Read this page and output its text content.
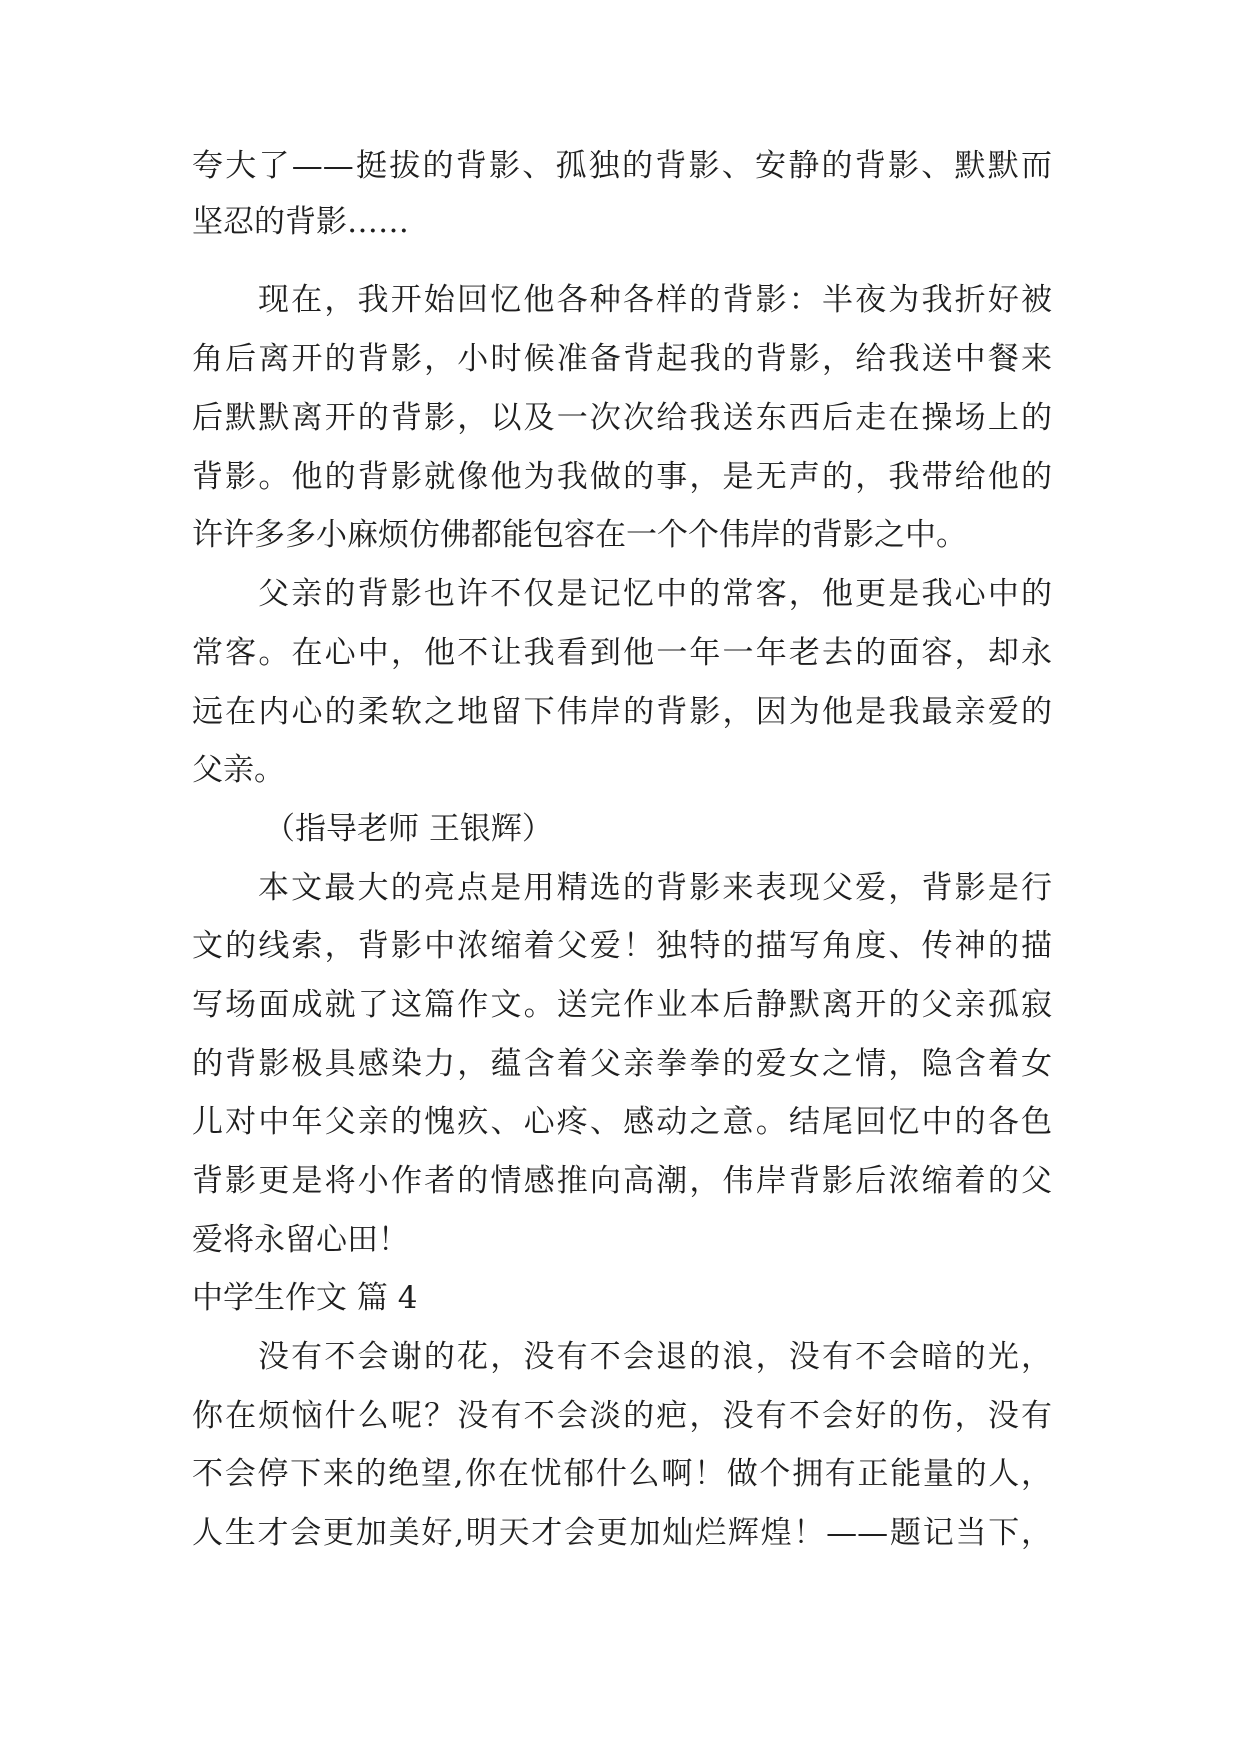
夸大了——挺拔的背影、孤独的背影、安静的背影、默默而
坚忍的背影……
现在，我开始回忆他各种各样的背影：半夜为我折好被
角后离开的背影，小时候准备背起我的背影，给我送中餐来
后默默离开的背影，以及一次次给我送东西后走在操场上的
背影。他的背影就像他为我做的事，是无声的，我带给他的
许许多多小麻烦仿佛都能包容在一个个伟岸的背影之中。
父亲的背影也许不仅是记忆中的常客，他更是我心中的
常客。在心中，他不让我看到他一年一年老去的面容，却永
远在内心的柔软之地留下伟岸的背影，因为他是我最亲爱的
父亲。
（指导老师 王银辉）
本文最大的亮点是用精选的背影来表现父爱，背影是行
文的线索，背影中浓缩着父爱！独特的描写角度、传神的描
写场面成就了这篇作文。送完作业本后静默离开的父亲孤寂
的背影极具感染力，蕴含着父亲拳拳的爱女之情，隐含着女
儿对中年父亲的愧疚、心疼、感动之意。结尾回忆中的各色
背影更是将小作者的情感推向高潮，伟岸背影后浓缩着的父
爱将永留心田！
中学生作文 篇 4
没有不会谢的花，没有不会退的浪，没有不会暗的光，
你在烦恼什么呢？没有不会淡的疤，没有不会好的伤，没有
不会停下来的绝望,你在忧郁什么啊！做个拥有正能量的人，
人生才会更加美好,明天才会更加灿烂辉煌！——题记当下，
